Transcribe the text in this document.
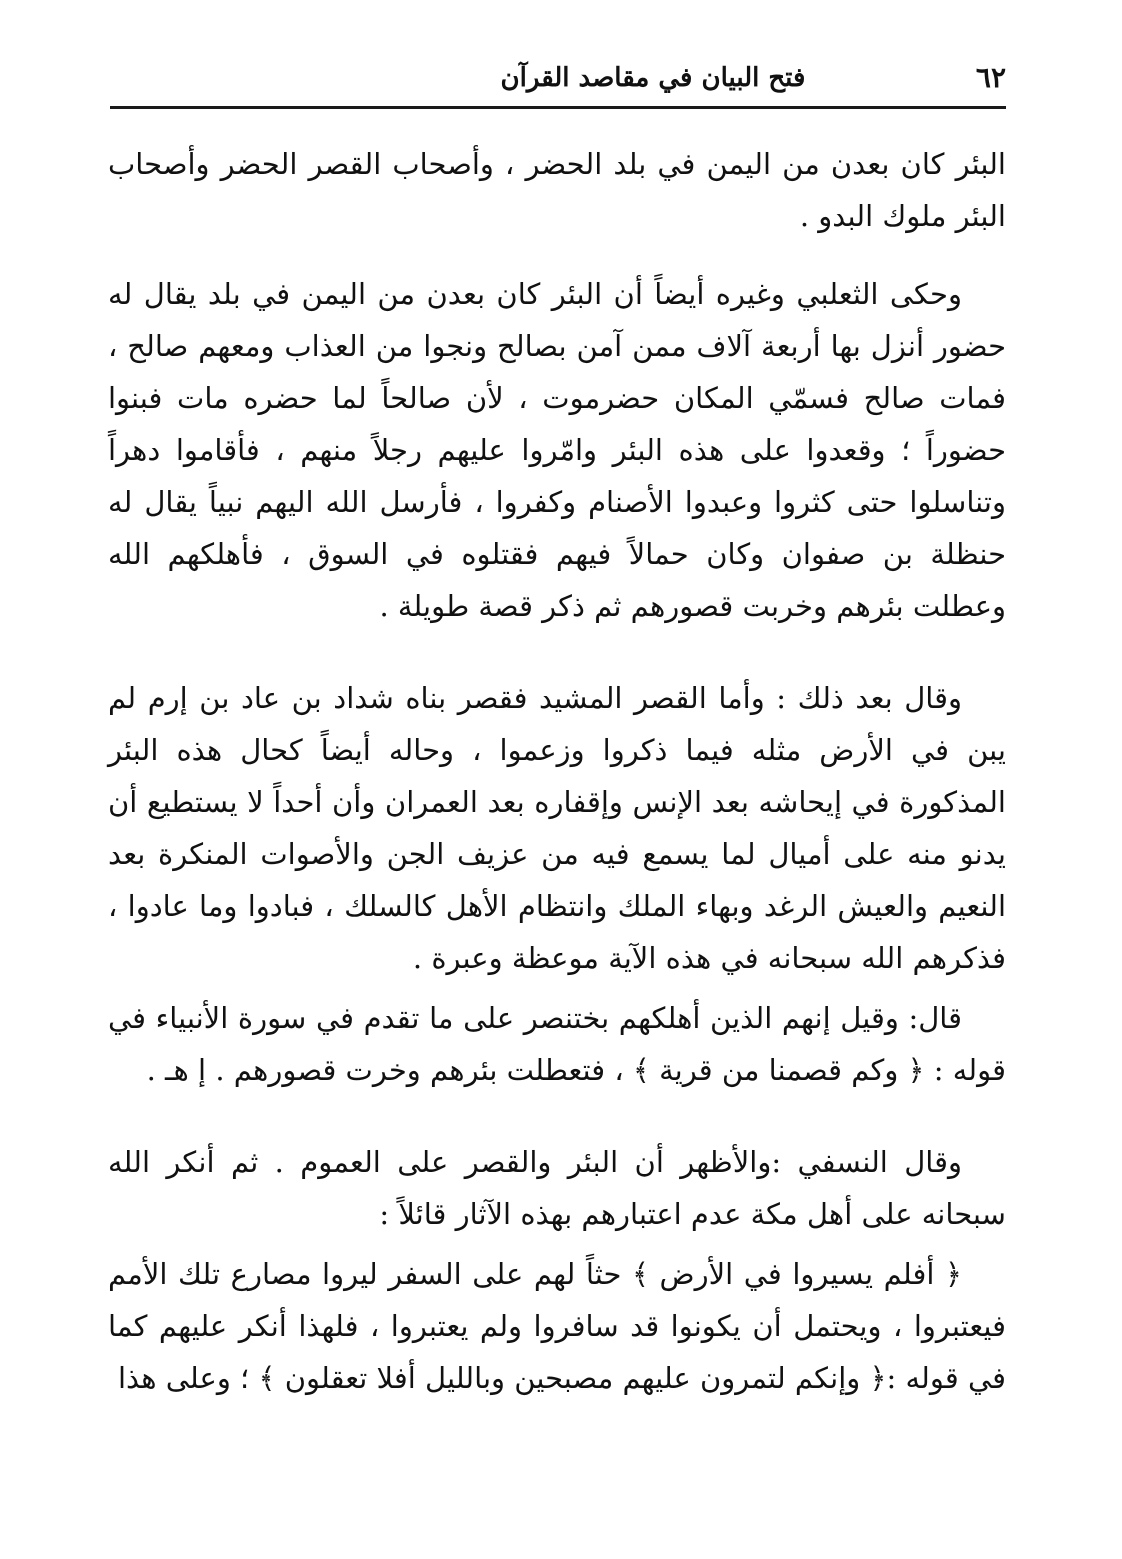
٦٢
فتح البيان في مقاصد القرآن

البئر كان بعدن من اليمن في بلد الحضر ، وأصحاب القصر الحضر وأصحاب البئر ملوك البدو .

وحكى الثعلبي وغيره أيضاً أن البئر كان بعدن من اليمن في بلد يقال له حضور أنزل بها أربعة آلاف ممن آمن بصالح ونجوا من العذاب ومعهم صالح ، فمات صالح فسمّي المكان حضرموت ، لأن صالحاً لما حضره مات فبنوا حضوراً ؛ وقعدوا على هذه البئر وامّروا عليهم رجلاً منهم ، فأقاموا دهراً وتناسلوا حتى كثروا وعبدوا الأصنام وكفروا ، فأرسل الله اليهم نبياً يقال له حنظلة بن صفوان وكان حمالاً فيهم فقتلوه في السوق ، فأهلكهم الله وعطلت بئرهم وخربت قصورهم ثم ذكر قصة طويلة .

وقال بعد ذلك : وأما القصر المشيد فقصر بناه شداد بن عاد بن إرم لم يبن في الأرض مثله فيما ذكروا وزعموا ، وحاله أيضاً كحال هذه البئر المذكورة في إيحاشه بعد الإنس وإقفاره بعد العمران وأن أحداً لا يستطيع أن يدنو منه على أميال لما يسمع فيه من عزيف الجن والأصوات المنكرة بعد النعيم والعيش الرغد وبهاء الملك وانتظام الأهل كالسلك ، فبادوا وما عادوا ، فذكرهم الله سبحانه في هذه الآية موعظة وعبرة .

قال: وقيل إنهم الذين أهلكهم بختنصر على ما تقدم في سورة الأنبياء في قوله : ﴿ وكم قصمنا من قرية ﴾ ، فتعطلت بئرهم وخرت قصورهم . إ هـ .

وقال النسفي :والأظهر أن البئر والقصر على العموم . ثم أنكر الله سبحانه على أهل مكة عدم اعتبارهم بهذه الآثار قائلاً :

﴿ أفلم يسيروا في الأرض ﴾ حثاً لهم على السفر ليروا مصارع تلك الأمم فيعتبروا ، ويحتمل أن يكونوا قد سافروا ولم يعتبروا ، فلهذا أنكر عليهم كما في قوله :﴿ وإنكم لتمرون عليهم مصبحين وبالليل أفلا تعقلون ﴾ ؛ وعلى هذا
